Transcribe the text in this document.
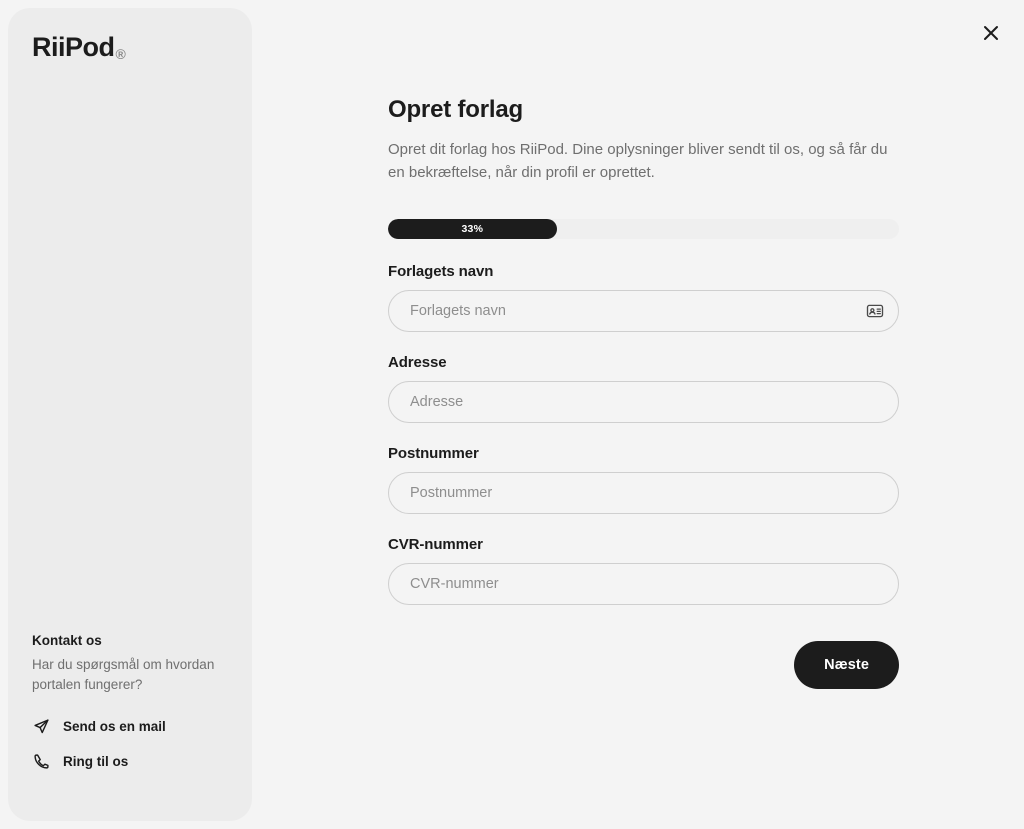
RiiPod ®
Kontakt os
Har du spørgsmål om hvordan portalen fungerer?
Send os en mail
Ring til os
Opret forlag

Opret dit forlag hos RiiPod. Dine oplysninger bliver sendt til os, og så får du en bekræftelse, når din profil er oprettet.

33%
Forlagets navn
Forlagets navn
Adresse
Adresse
Postnummer
Postnummer
CVR-nummer
CVR-nummer
Næste
